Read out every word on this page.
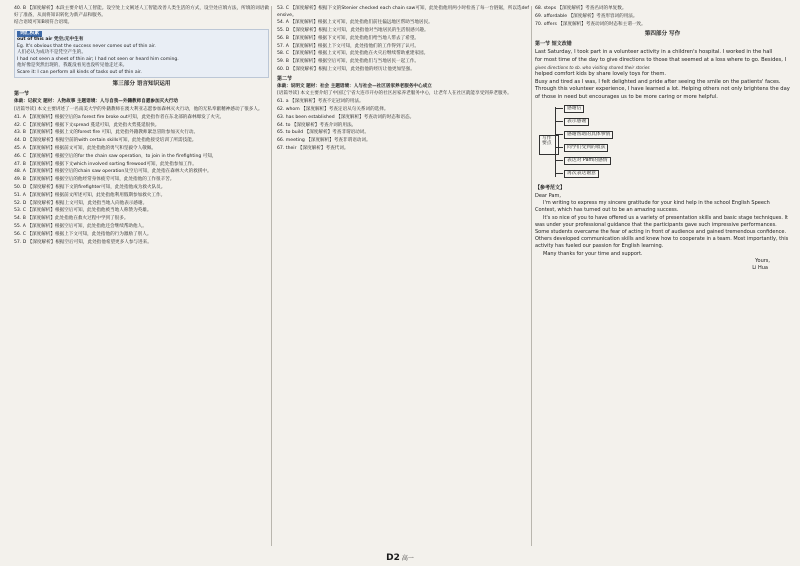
40. B 【深度解析】本段主要介绍人工智能。设空处上文阐述人工智能改善人类生活的方式，设空处应填方法，所填的词语做好了准备，从而将知识转化为新产品和服务。
结合语境可知B项符合语境。
词汇积累
out of this air 凭空;无中生有
Eg. It's obvious that the success never comes out of thin air.
人们必认为成功不是凭空产生的。
I had not seen a sheet of thin air; I had not seen or heard him coming.
他好像是突然出现的，我既没看见也没听见他走过来。
Scare it: I can perform all kinds of tasks out of thin air.
第三部分 语言知识运用
第一节
体裁：记叙文 题材：人物故事 主题语境：人与自我—外籍教师自愿参加灭火行动
[语篇导读] 本文主要讲述了一名南美大学的外籍教师在澳大利亚志愿参加森林灭火行动，他的无私奉献精神感动了很多人。
41. A 【深度解析】根据空后的a forest fire broke out可知，此处指作者在东北部的森林爆发了火灾。
42. C 【深度解析】根据下文spread 蔓延可知，此处指火势蔓延很快。
43. B 【深度解析】根据上文的forest fire 可知，此处指外籍教师紧急冒险参加灭火行动。
44. D 【深度解析】根据空前的with certain skills可知，此处指他接受培训了所需技能。
45. A 【深度解析】根据前文可知，此处指他的勇气和坚毅令人敬佩。
46. C 【深度解析】根据空后的for the chain saw operation，to join in the firefighting 可知，
47. B 【深度解析】根据下文which involved sorting firewood可知，此处指参加工作。
48. A 【深度解析】根据空后的chain saw operation及空后可知，此处指在森林大火的救援中。
49. B 【深度解析】根据空后的他经常身体疲劳可知，此处指他的工作很辛苦。
50. D 【深度解析】根据下文的firefighter可知，此处指他成为救火队员。
51. A 【深度解析】根据前文所述可知，此处指他利用假期参加救火工作。
52. D 【深度解析】根据上文可知，此处指当地人向他表示感谢。
53. C 【深度解析】根据空后可知，此处指他被当地人称赞为英雄。
54. B 【深度解析】此处指他在救火过程中学到了很多。
55. A 【深度解析】根据空后可知，此处指他还会继续帮助他人。
56. C 【深度解析】根据上下文可知，此处指他的行为激励了别人。
57. D 【深度解析】根据空后可知，此处指他希望更多人参与进来。
53. C 【深度解析】根据下文的Stenier checked each chain saw可知，此处指他用两小时检查了每一台链锯，所以选defensive。
54. A 【深度解析】根据上文可知，此处指他们前往偏远地区帮助当地居民。
55. D 【深度解析】根据上文可知，此处指他对当地居民的生活很感兴趣。
56. B 【深度解析】根据下文可知，此处指他们给当地人带去了希望。
57. A 【深度解析】根据上下文可知，此处指他们的工作得到了认可。
58. C 【深度解析】根据上文可知，此处指他在火灾后继续帮助重建家园。
59. B 【深度解析】根据空后可知，此处指他们与当地居民一起工作。
60. D 【深度解析】根据上文可知，此处指他的经历让他更加坚强。
第二节
体裁：说明文 题材：社会 主题语境：人与社会—社区居家养老服务中心成立
[语篇导读] 本文主要介绍了中国辽宁省大连市开办的社区居家养老服务中心，让老年人在社区就能享受到养老服务。
61. a 【深度解析】考查不定冠词的用法。
62. whom 【深度解析】考查定语从句关系词的选择。
63. has been established 【深度解析】考查动词的时态和语态。
64. to 【深度解析】考查介词的用法。
65. to build 【深度解析】考查非谓语动词。
66. meeting 【深度解析】考查非谓语动词。
67. their 【深度解析】考查代词。
68. steps 【深度解析】考查名词的单复数。
69. affordable 【深度解析】考查形容词的用法。
70. offers 【深度解析】考查动词的时态和主谓一致。
第四部分 写作
第一节 短文改错
Last Saturday, I took part in a volunteer activity in a children's hospital. I worked in the hall
for most time of the day to give directions to those that seemed at a loss where to go. Besides, I
gives directions to sb. who visiting shared their stories
helped comfort kids by share lovely toys for them.
Busy and tired as I was, I felt delighted and pride after seeing the smile on the patients' faces.
Through this volunteer experience, I have learned a lot. Helping others not only brightens the day of those in need but encourages us to be more caring or more helpful.
写作要点
感谢信
表示感谢
感谢帮助的具体事情
同学们受到的收获
表达对 Pam的感情
再次表达谢意
【参考范文】
Dear Pam,
I'm writing to express my sincere gratitude for your kind help in the school English Speech Contest, which has turned out to be an amazing success.
It's so nice of you to have offered us a variety of presentation skills and basic stage techniques. It was under your professional guidance that the participants gave such impressive performances. Some students overcame the fear of acting in front of audience and gained tremendous confidence. Others developed communication skills and knew how to cooperate in a team. Most importantly, this activity has fueled our passion for English learning.
Many thanks for your time and support.
Yours,
Li Hua
D2 高一
